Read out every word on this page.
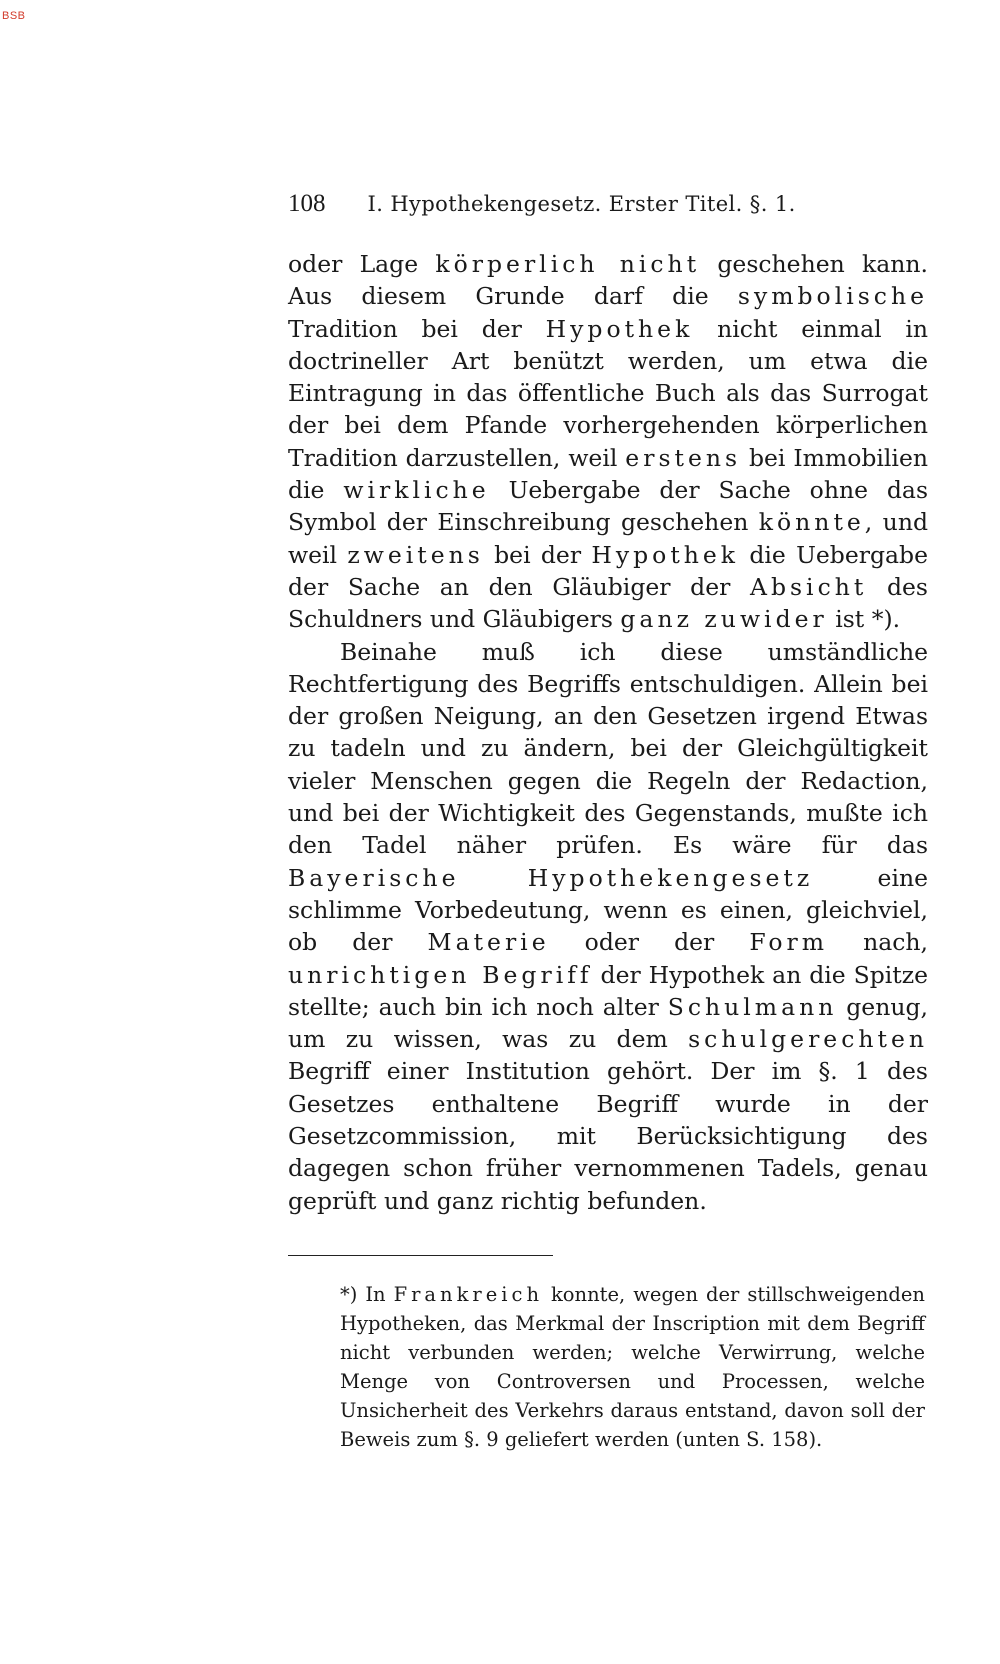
BSB
108 I. Hypothekengesetz. Erster Titel. §. 1.

oder Lage körperlich nicht geschehen kann. Aus diesem Grunde darf die symbolische Tradition bei der Hypothek nicht einmal in doctrineller Art benützt werden, um etwa die Eintragung in das öffentliche Buch als das Surrogat der bei dem Pfande vorhergehenden körperlichen Tradition darzustellen, weil erstens bei Immobilien die wirkliche Uebergabe der Sache ohne das Symbol der Einschreibung geschehen könnte, und weil zweitens bei der Hypothek die Uebergabe der Sache an den Gläubiger der Absicht des Schuldners und Gläubigers ganz zuwider ist *).

Beinahe muß ich diese umständliche Rechtfertigung des Begriffs entschuldigen. Allein bei der großen Neigung, an den Gesetzen irgend Etwas zu tadeln und zu ändern, bei der Gleichgültigkeit vieler Menschen gegen die Regeln der Redaction, und bei der Wichtigkeit des Gegenstands, mußte ich den Tadel näher prüfen. Es wäre für das Bayerische Hypothekengesetz eine schlimme Vorbedeutung, wenn es einen, gleichviel, ob der Materie oder der Form nach, unrichtigen Begriff der Hypothek an die Spitze stellte; auch bin ich noch alter Schulmann genug, um zu wissen, was zu dem schulgerechten Begriff einer Institution gehört. Der im §. 1 des Gesetzes enthaltene Begriff wurde in der Gesetzcommission, mit Berücksichtigung des dagegen schon früher vernommenen Tadels, genau geprüft und ganz richtig befunden.

*) In Frankreich konnte, wegen der stillschweigenden Hypotheken, das Merkmal der Inscription mit dem Begriff nicht verbunden werden; welche Verwirrung, welche Menge von Controversen und Processen, welche Unsicherheit des Verkehrs daraus entstand, davon soll der Beweis zum §. 9 geliefert werden (unten S. 158).
